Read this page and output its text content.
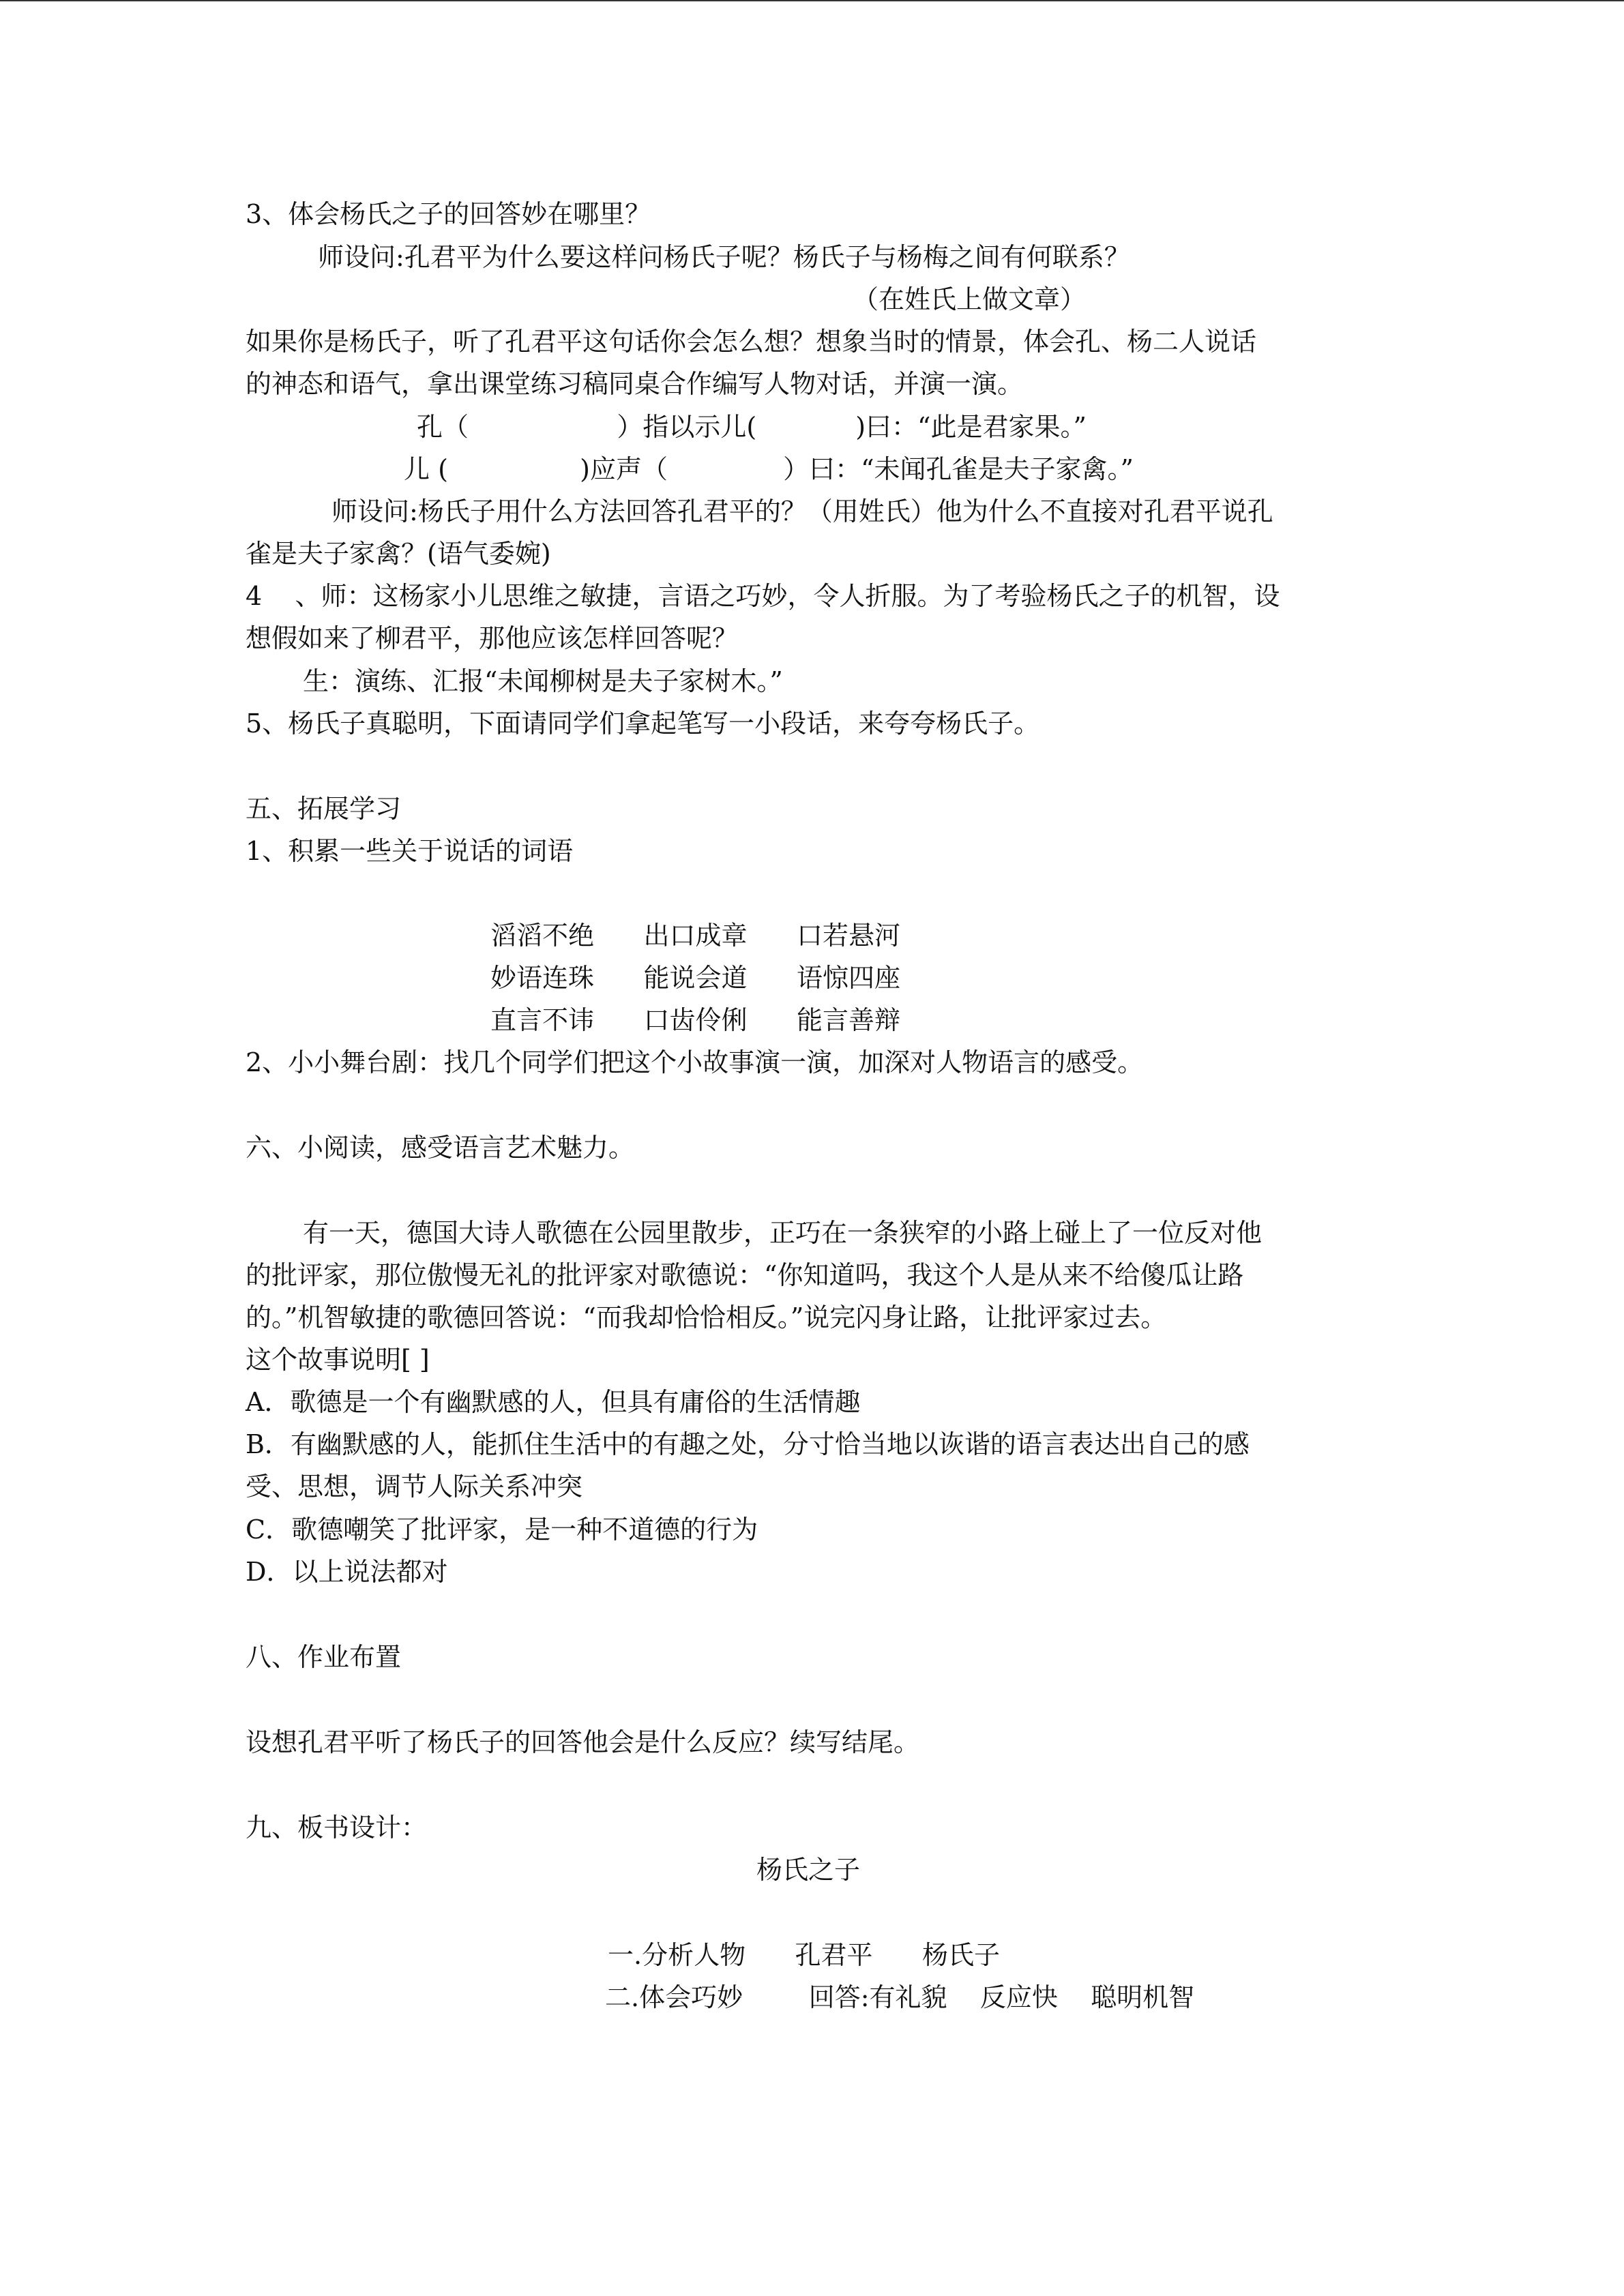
3、体会杨氏之子的回答妙在哪里？
师设问:孔君平为什么要这样问杨氏子呢？杨氏子与杨梅之间有何联系？
（在姓氏上做文章）
如果你是杨氏子，听了孔君平这句话你会怎么想？想象当时的情景，体会孔、杨二人说话
的神态和语气，拿出课堂练习稿同桌合作编写人物对话，并演一演。
孔（                  ）指以示儿(            )曰：“此是君家果。”
儿 (                )应声（              ）曰：“未闻孔雀是夫子家禽。”
师设问:杨氏子用什么方法回答孔君平的？（用姓氏）他为什么不直接对孔君平说孔
雀是夫子家禽？(语气委婉)
4    、师：这杨家小儿思维之敏捷，言语之巧妙，令人折服。为了考验杨氏之子的机智，设
想假如来了柳君平，那他应该怎样回答呢？
生：演练、汇报“未闻柳树是夫子家树木。”
5、杨氏子真聪明，下面请同学们拿起笔写一小段话，来夸夸杨氏子。
五、拓展学习
1、积累一些关于说话的词语
滔滔不绝      出口成章      口若悬河
妙语连珠      能说会道      语惊四座
直言不讳      口齿伶俐      能言善辩
2、小小舞台剧：找几个同学们把这个小故事演一演，加深对人物语言的感受。
六、小阅读，感受语言艺术魅力。
有一天，德国大诗人歌德在公园里散步，正巧在一条狭窄的小路上碰上了一位反对他
的批评家，那位傲慢无礼的批评家对歌德说：“你知道吗，我这个人是从来不给傻瓜让路
的。”机智敏捷的歌德回答说：“而我却恰恰相反。”说完闪身让路，让批评家过去。
这个故事说明[ ]
A．歌德是一个有幽默感的人，但具有庸俗的生活情趣
B．有幽默感的人，能抓住生活中的有趣之处，分寸恰当地以诙谐的语言表达出自己的感
受、思想，调节人际关系冲突
C．歌德嘲笑了批评家，是一种不道德的行为
D．以上说法都对
八、作业布置
设想孔君平听了杨氏子的回答他会是什么反应？续写结尾。
九、板书设计：
杨氏之子
一.分析人物      孔君平      杨氏子
二.体会巧妙        回答:有礼貌    反应快    聪明机智
